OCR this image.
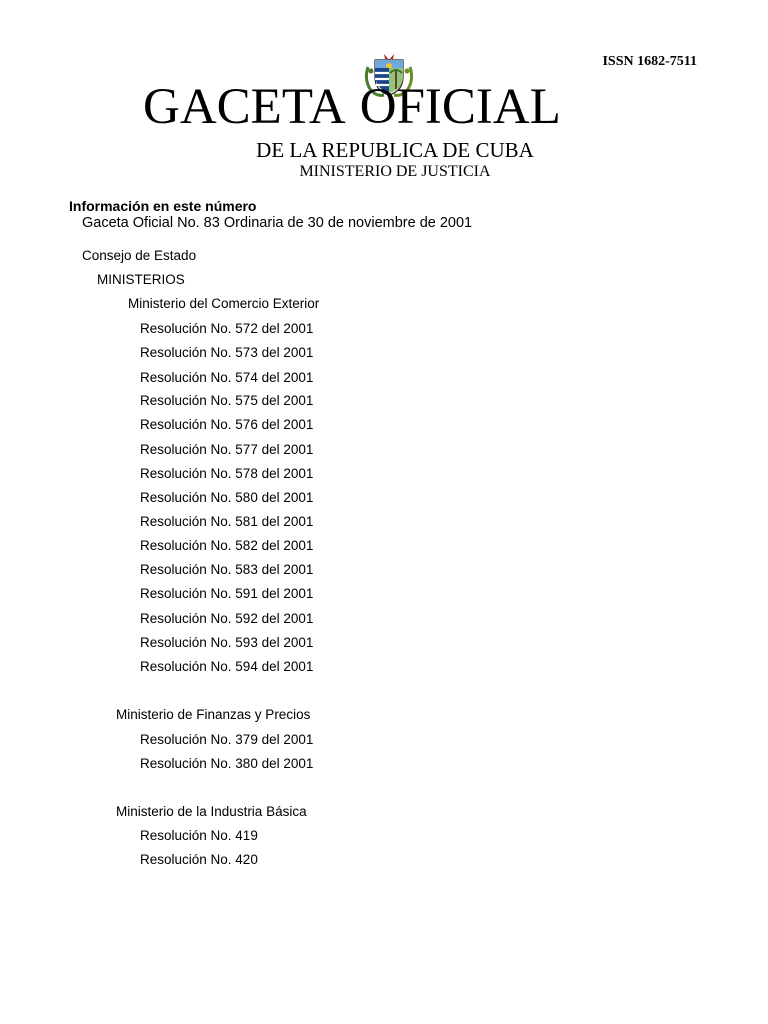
ISSN 1682-7511
GACETA OFICIAL
DE LA REPUBLICA DE CUBA
MINISTERIO DE JUSTICIA
Información en este número
Gaceta Oficial No. 83 Ordinaria de 30 de noviembre de 2001
Consejo de Estado
MINISTERIOS
Ministerio del Comercio Exterior
Resolución No. 572 del 2001
Resolución No. 573 del 2001
Resolución No. 574 del 2001
Resolución No. 575 del 2001
Resolución No. 576 del 2001
Resolución No. 577 del 2001
Resolución No. 578 del 2001
Resolución No. 580 del 2001
Resolución No. 581 del 2001
Resolución No. 582 del 2001
Resolución No. 583 del 2001
Resolución No. 591 del 2001
Resolución No. 592 del 2001
Resolución No. 593 del 2001
Resolución No. 594 del 2001
Ministerio de Finanzas y Precios
Resolución No. 379 del 2001
Resolución No. 380 del 2001
Ministerio de la Industria Básica
Resolución No. 419
Resolución No. 420
